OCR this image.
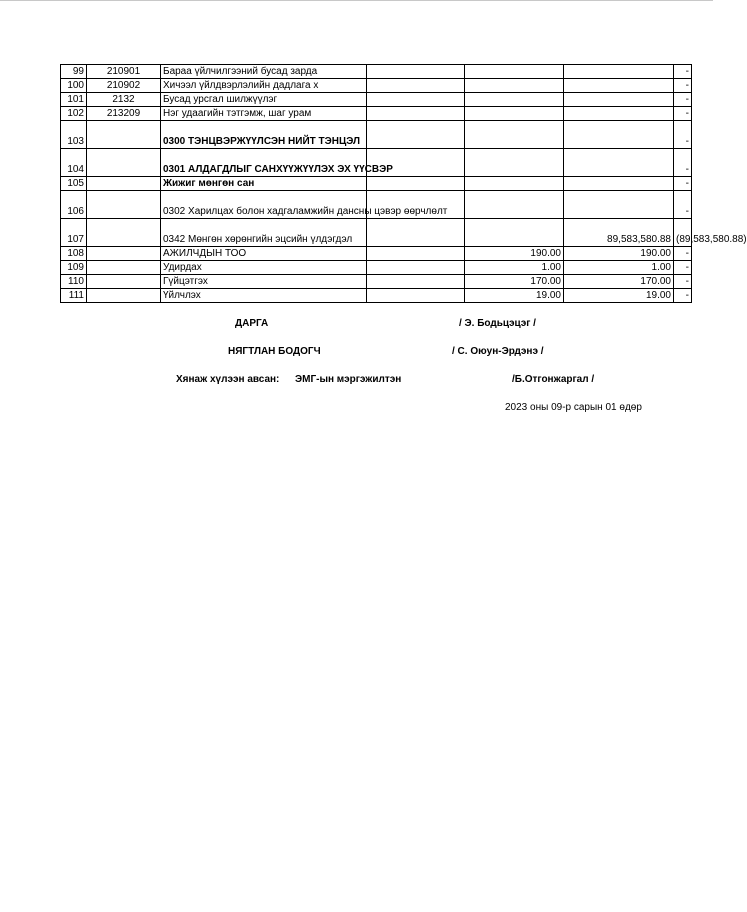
99	210901	Бараа үйлчилгээний бусад зарда				-	
100	210902	Хичээл үйлдвэрлэлийн дадлага х				-	
101	2132	Бусад урсгал шилжүүлэг				-	
102	213209	Нэг удаагийн тэтгэмж, шаг урам				-	
103		0300 ТЭНЦВЭРЖҮҮЛСЭН НИЙТ ТЭНЦЭЛ				-	
104		0301 АЛДАГДЛЫГ САНХҮҮЖҮҮЛЭХ ЭХ ҮҮСВЭР				-	
105		Жижиг мөнгөн сан				-	
106		0302 Харилцах болон хадгаламжийн дансны цэвэр өөрчлөлт				-	
107		0342 Мөнгөн хөрөнгийн эцсийн үлдэгдэл			89,583,580.88	(89,583,580.88)	
108		АЖИЛЧДЫН ТОО		190.00	190.00	-	
109		Удирдах		1.00	1.00	-	
110		Гүйцэтгэх		170.00	170.00	-	
111		Үйлчлэх		19.00	19.00	-	
ДАРГА	/ Э. Бодьцэцэг /
НЯГТЛАН БОДОГЧ	/ С. Оюун-Эрдэнэ /
Хянаж хүлээн авсан: ЭМГ-ын мэргэжилтэн	/Б.Отгонжаргал /
2023 оны 09-р сарын 01 өдөр
